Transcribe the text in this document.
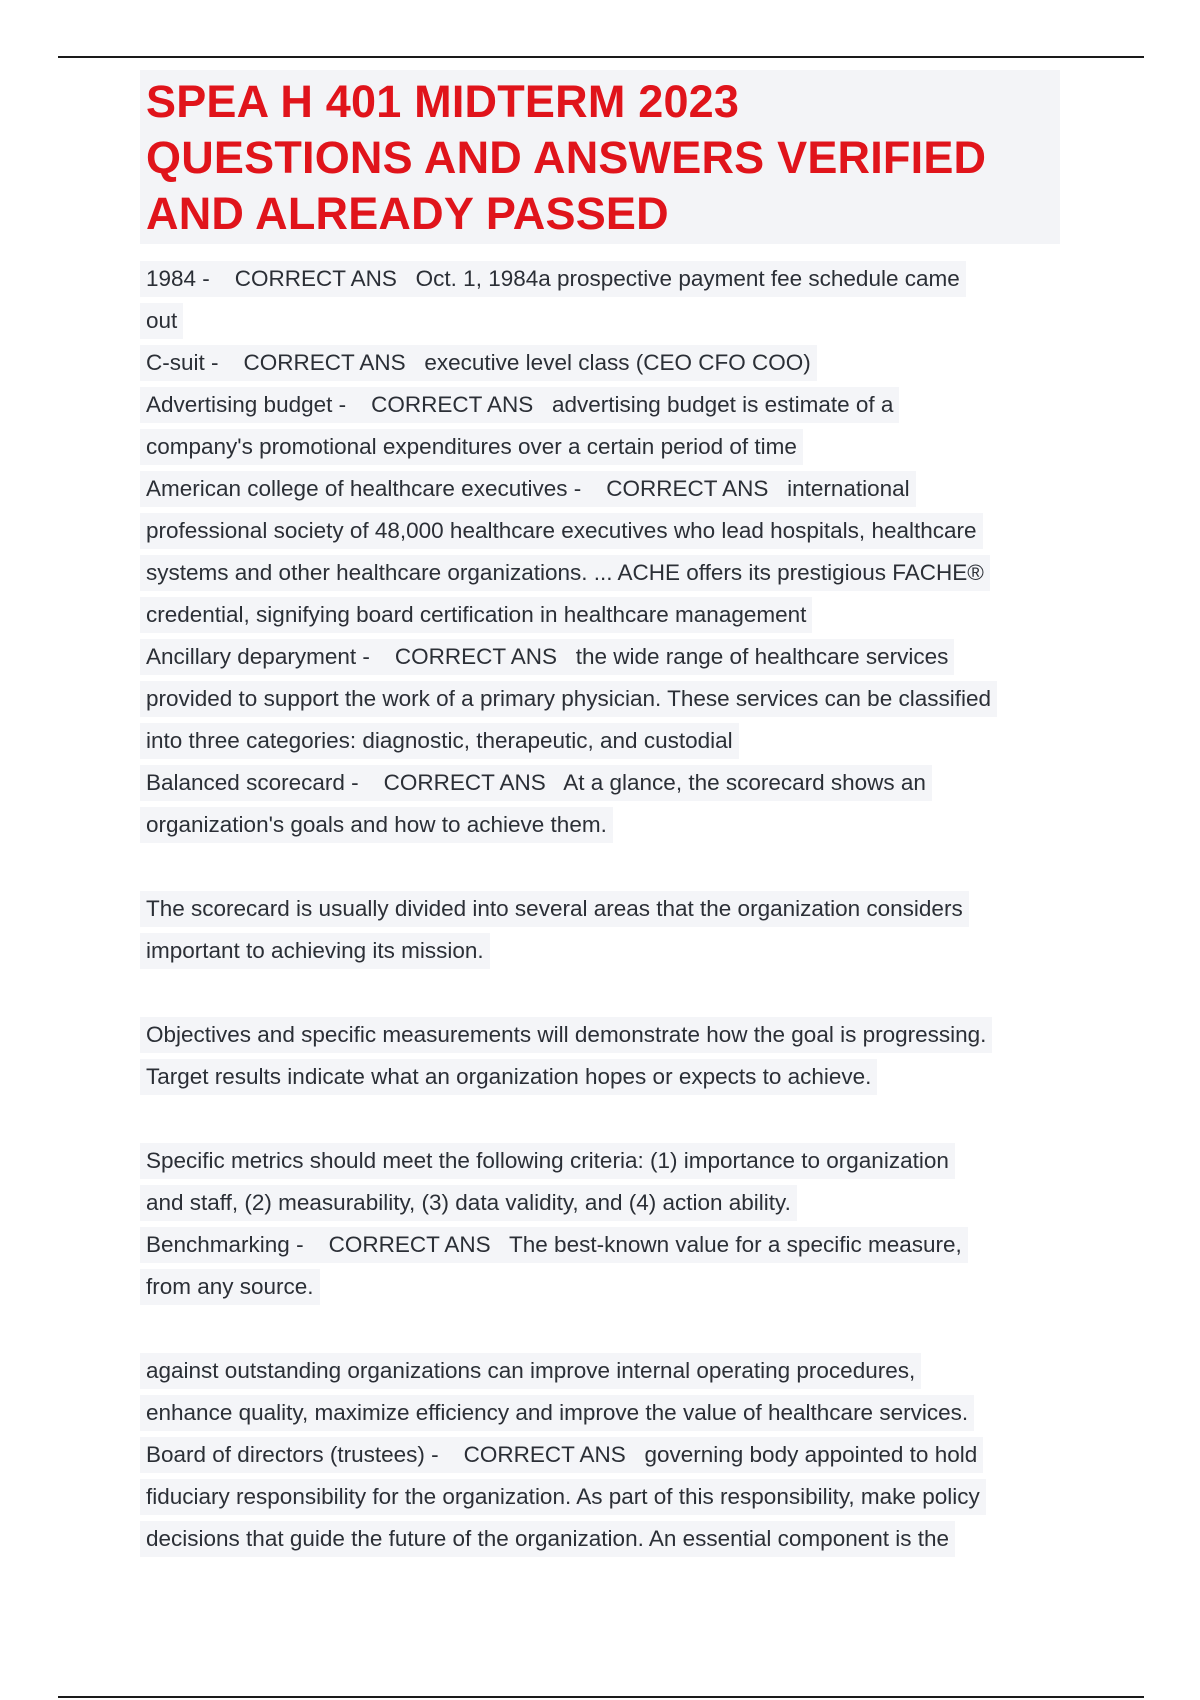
SPEA H 401 MIDTERM 2023
QUESTIONS AND ANSWERS VERIFIED
AND ALREADY PASSED
1984 -    CORRECT ANS   Oct. 1, 1984a prospective payment fee schedule came
out
C-suit -    CORRECT ANS   executive level class (CEO CFO COO)
Advertising budget -    CORRECT ANS   advertising budget is estimate of a
company's promotional expenditures over a certain period of time
American college of healthcare executives -    CORRECT ANS   international
professional society of 48,000 healthcare executives who lead hospitals, healthcare
systems and other healthcare organizations. ... ACHE offers its prestigious FACHE®
credential, signifying board certification in healthcare management
Ancillary deparyment -    CORRECT ANS   the wide range of healthcare services
provided to support the work of a primary physician. These services can be classified
into three categories: diagnostic, therapeutic, and custodial
Balanced scorecard -    CORRECT ANS   At a glance, the scorecard shows an
organization's goals and how to achieve them.
The scorecard is usually divided into several areas that the organization considers
important to achieving its mission.
Objectives and specific measurements will demonstrate how the goal is progressing.
Target results indicate what an organization hopes or expects to achieve.
Specific metrics should meet the following criteria: (1) importance to organization
and staff, (2) measurability, (3) data validity, and (4) action ability.
Benchmarking -    CORRECT ANS   The best-known value for a specific measure,
from any source.
against outstanding organizations can improve internal operating procedures,
enhance quality, maximize efficiency and improve the value of healthcare services.
Board of directors (trustees) -    CORRECT ANS   governing body appointed to hold
fiduciary responsibility for the organization. As part of this responsibility, make policy
decisions that guide the future of the organization. An essential component is the
